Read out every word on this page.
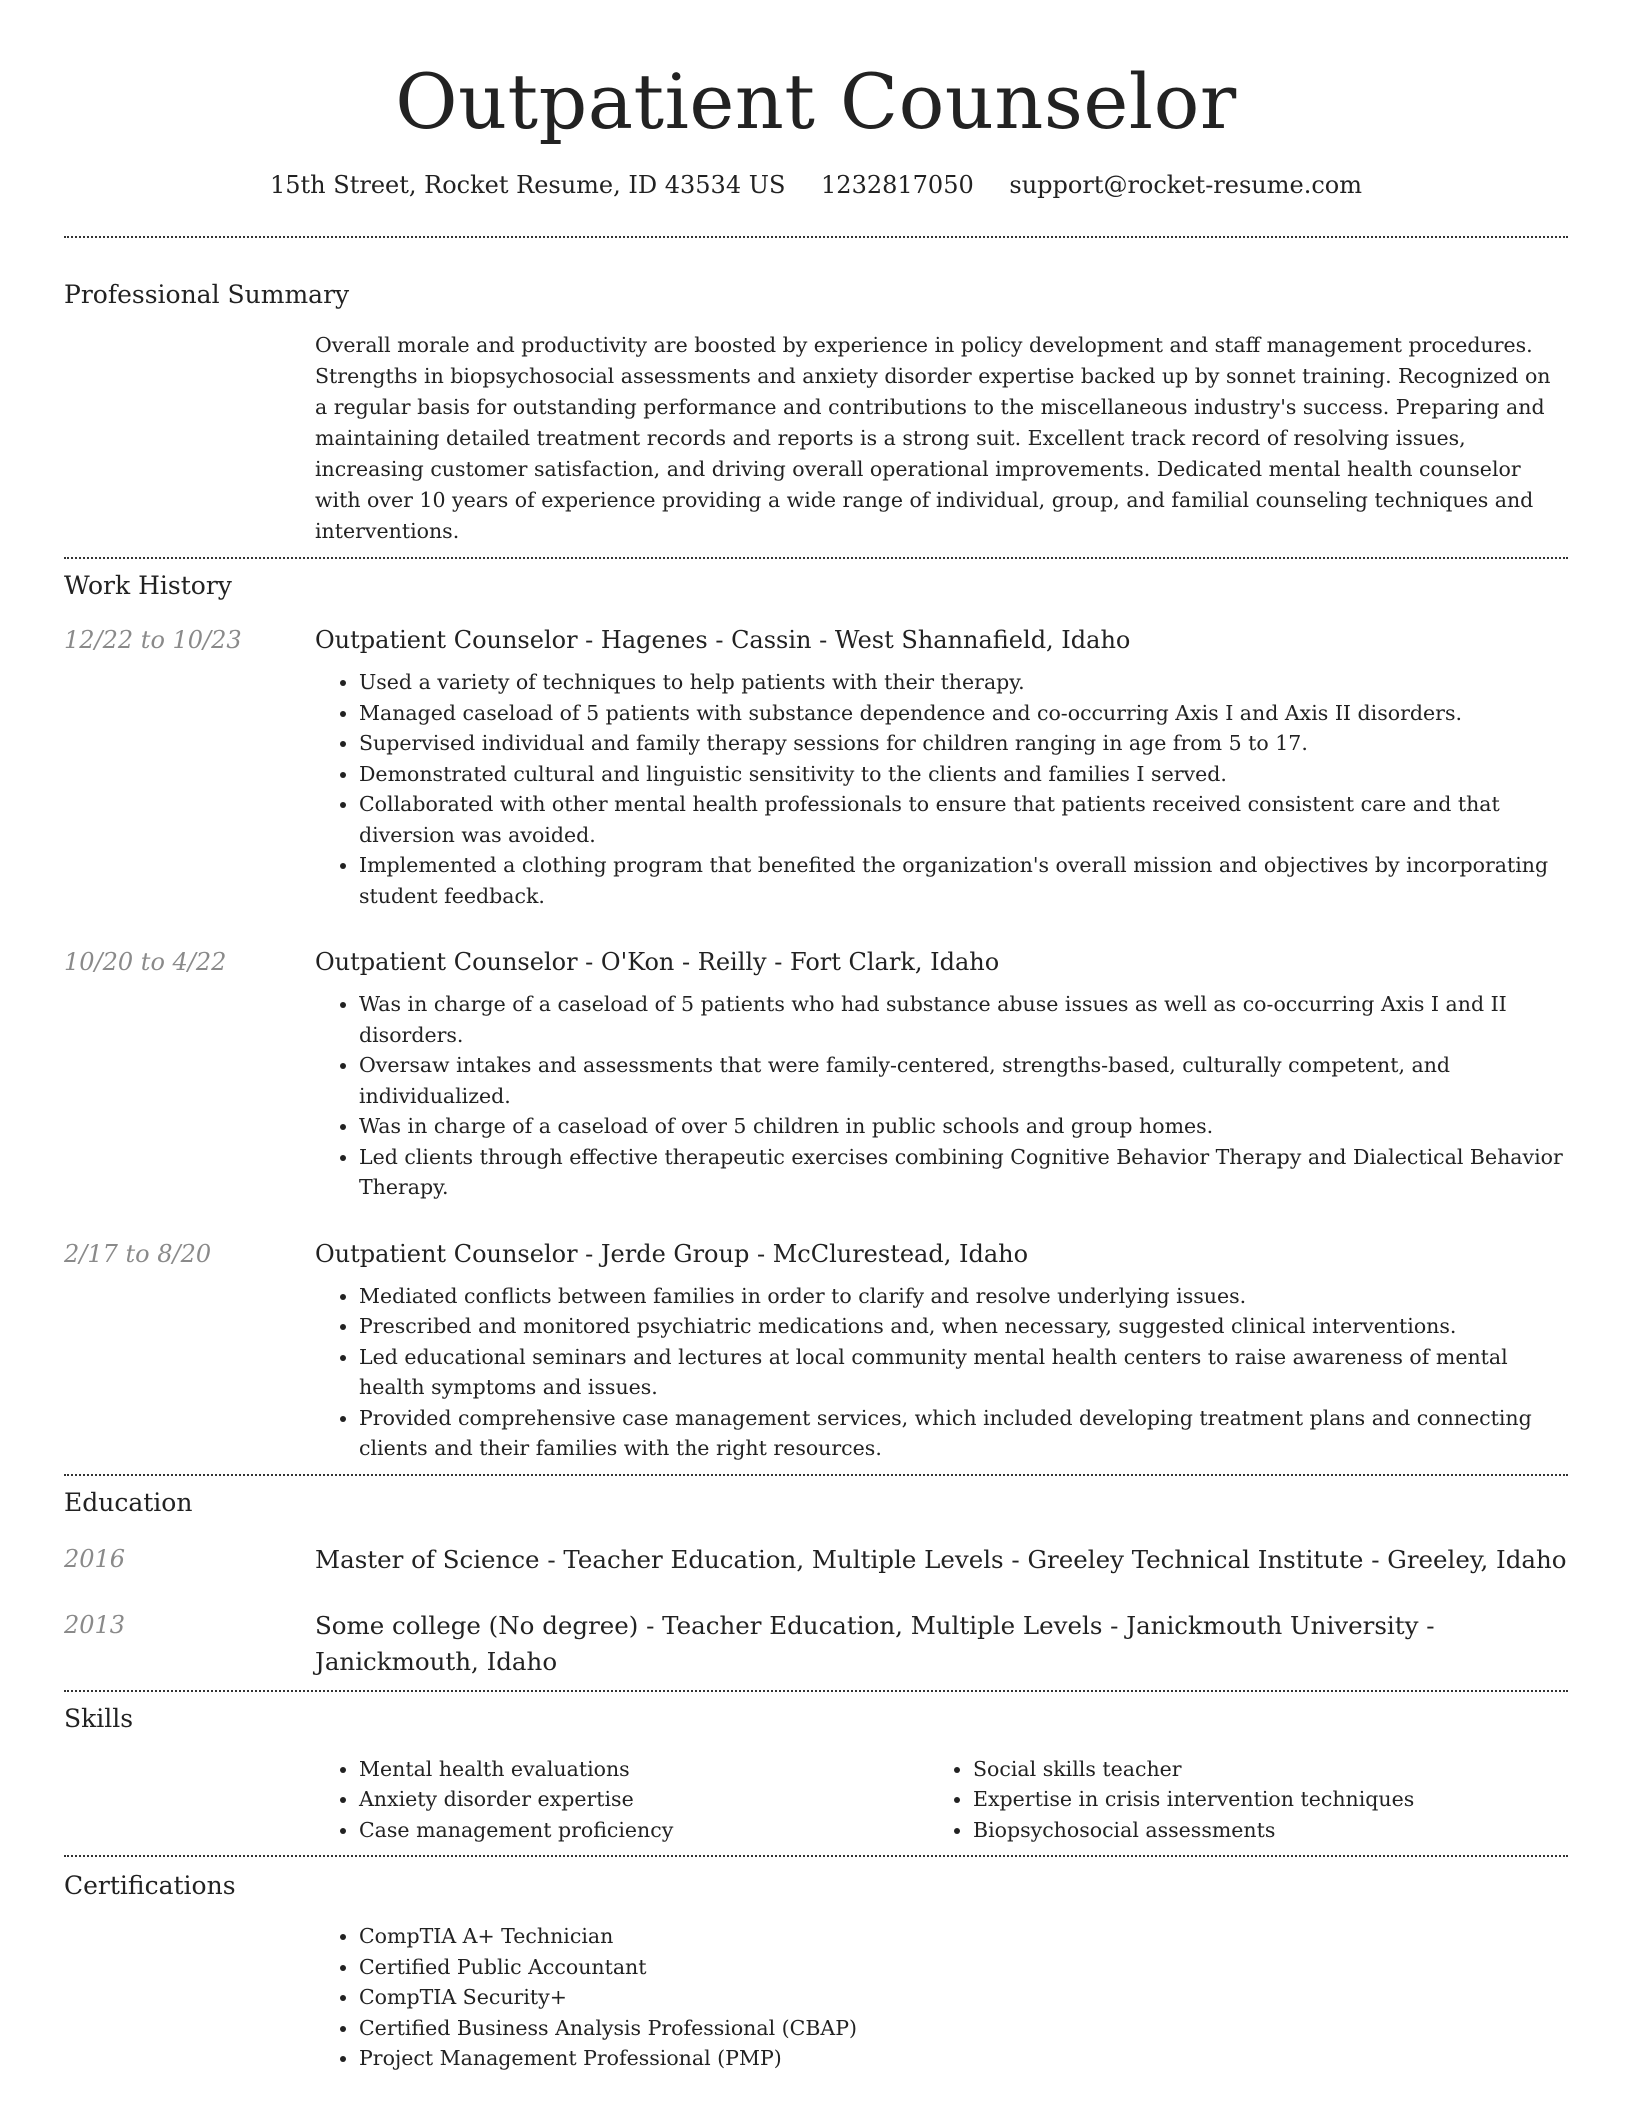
Outpatient Counselor
15th Street, Rocket Resume, ID 43534 US 1232817050 support@rocket-resume.com
Professional Summary
Overall morale and productivity are boosted by experience in policy development and staff management procedures. Strengths in biopsychosocial assessments and anxiety disorder expertise backed up by sonnet training. Recognized on a regular basis for outstanding performance and contributions to the miscellaneous industry's success. Preparing and maintaining detailed treatment records and reports is a strong suit. Excellent track record of resolving issues, increasing customer satisfaction, and driving overall operational improvements. Dedicated mental health counselor with over 10 years of experience providing a wide range of individual, group, and familial counseling techniques and interventions.
Work History
12/22 to 10/23	Outpatient Counselor - Hagenes - Cassin - West Shannafield, Idaho
• Used a variety of techniques to help patients with their therapy.
• Managed caseload of 5 patients with substance dependence and co-occurring Axis I and Axis II disorders.
• Supervised individual and family therapy sessions for children ranging in age from 5 to 17.
• Demonstrated cultural and linguistic sensitivity to the clients and families I served.
• Collaborated with other mental health professionals to ensure that patients received consistent care and that diversion was avoided.
• Implemented a clothing program that benefited the organization's overall mission and objectives by incorporating student feedback.
10/20 to 4/22	Outpatient Counselor - O'Kon - Reilly - Fort Clark, Idaho
• Was in charge of a caseload of 5 patients who had substance abuse issues as well as co-occurring Axis I and II disorders.
• Oversaw intakes and assessments that were family-centered, strengths-based, culturally competent, and individualized.
• Was in charge of a caseload of over 5 children in public schools and group homes.
• Led clients through effective therapeutic exercises combining Cognitive Behavior Therapy and Dialectical Behavior Therapy.
2/17 to 8/20	Outpatient Counselor - Jerde Group - McClurestead, Idaho
• Mediated conflicts between families in order to clarify and resolve underlying issues.
• Prescribed and monitored psychiatric medications and, when necessary, suggested clinical interventions.
• Led educational seminars and lectures at local community mental health centers to raise awareness of mental health symptoms and issues.
• Provided comprehensive case management services, which included developing treatment plans and connecting clients and their families with the right resources.
Education
2016	Master of Science - Teacher Education, Multiple Levels - Greeley Technical Institute - Greeley, Idaho
2013	Some college (No degree) - Teacher Education, Multiple Levels - Janickmouth University - Janickmouth, Idaho
Skills
• Mental health evaluations
• Anxiety disorder expertise
• Case management proficiency
• Social skills teacher
• Expertise in crisis intervention techniques
• Biopsychosocial assessments
Certifications
• CompTIA A+ Technician
• Certified Public Accountant
• CompTIA Security+
• Certified Business Analysis Professional (CBAP)
• Project Management Professional (PMP)
